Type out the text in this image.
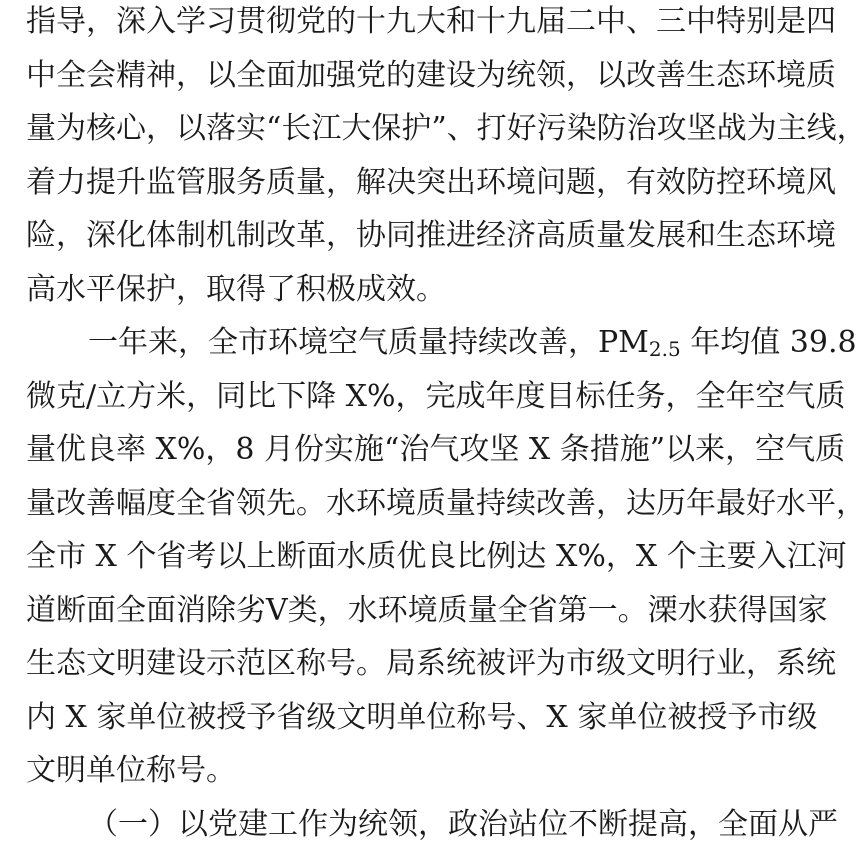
指导，深入学习贯彻党的十九大和十九届二中、三中特别是四
中全会精神，以全面加强党的建设为统领，以改善生态环境质
量为核心，以落实“长江大保护”、打好污染防治攻坚战为主线，
着力提升监管服务质量，解决突出环境问题，有效防控环境风
险，深化体制机制改革，协同推进经济高质量发展和生态环境
高水平保护，取得了积极成效。
一年来，全市环境空气质量持续改善，$PM_{2.5}$ 年均值 39.8
微克/立方米，同比下降 X%，完成年度目标任务，全年空气质
量优良率 X%，8 月份实施“治气攻坚 X 条措施”以来，空气质
量改善幅度全省领先。水环境质量持续改善，达历年最好水平，
全市 X 个省考以上断面水质优良比例达 X%，X 个主要入江河
道断面全面消除劣V类，水环境质量全省第一。溧水获得国家
生态文明建设示范区称号。局系统被评为市级文明行业，系统
内 X 家单位被授予省级文明单位称号、X 家单位被授予市级
文明单位称号。
（一）以党建工作为统领，政治站位不断提高，全面从严
